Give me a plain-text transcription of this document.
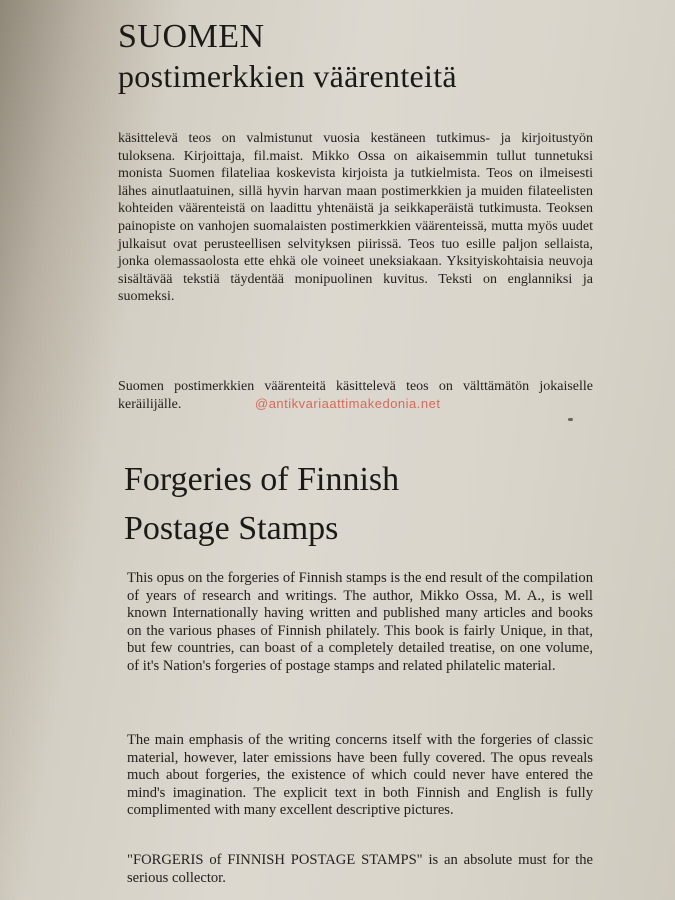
SUOMEN
postimerkkien väärenteitä

käsittelevä teos on valmistunut vuosia kestäneen tutkimus- ja kirjoitustyön tuloksena. Kirjoittaja, fil.maist. Mikko Ossa on aikaisemmin tullut tunnetuksi monista Suomen filateliaa koskevista kirjoista ja tutkielmista. Teos on ilmeisesti lähes ainutlaatuinen, sillä hyvin harvan maan postimerkkien ja muiden filateelisten kohteiden väärenteistä on laadittu yhtenäistä ja seikkaperäistä tutkimusta. Teoksen painopiste on vanhojen suomalaisten postimerkkien väärenteissä, mutta myös uudet julkaisut ovat perusteellisen selvityksen piirissä. Teos tuo esille paljon sellaista, jonka olemassaolosta ette ehkä ole voineet uneksiakaan. Yksityiskohtaisia neuvoja sisältävää tekstiä täydentää monipuolinen kuvitus. Teksti on englanniksi ja suomeksi.

Suomen postimerkkien väärenteitä käsittelevä teos on välttämätön jokaiselle keräilijälle.	@antikvariaattimakedonia.net
Forgeries of Finnish
Postage Stamps

This opus on the forgeries of Finnish stamps is the end result of the compilation of years of research and writings. The author, Mikko Ossa, M. A., is well known Internationally having written and published many articles and books on the various phases of Finnish philately. This book is fairly Unique, in that, but few countries, can boast of a completely detailed treatise, on one volume, of it's Nation's forgeries of postage stamps and related philatelic material.

The main emphasis of the writing concerns itself with the forgeries of classic material, however, later emissions have been fully covered. The opus reveals much about forgeries, the existence of which could never have entered the mind's imagination. The explicit text in both Finnish and English is fully complimented with many excellent descriptive pictures.

"FORGERIS of FINNISH POSTAGE STAMPS" is an absolute must for the serious collector.
